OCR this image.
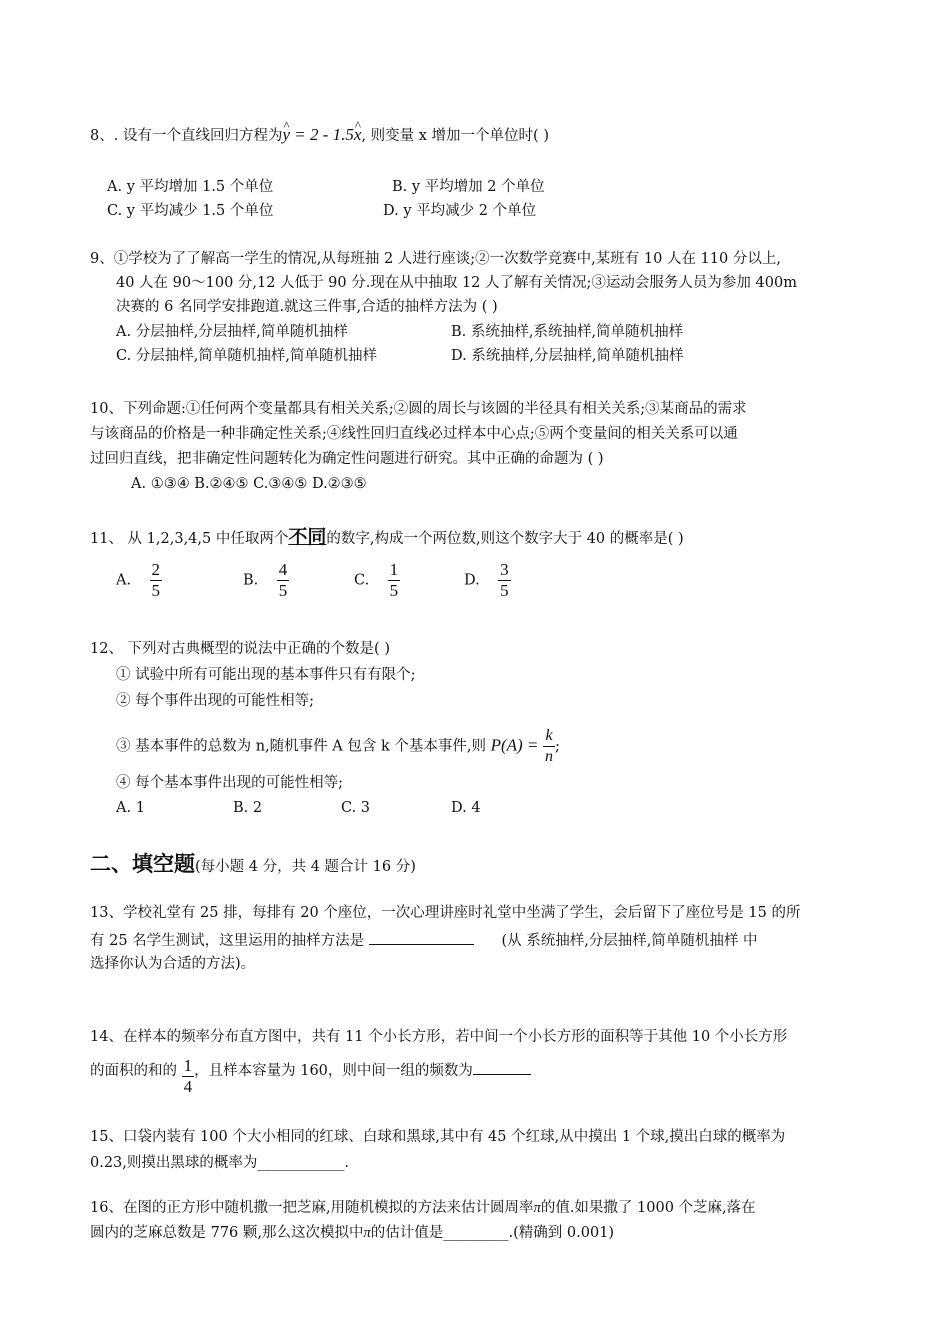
8、. 设有一个直线回归方程为^ y = 2 - 1.5^ x, 则变量 x 增加一个单位时( )
A. y 平均增加 1.5 个单位	B. y 平均增加 2 个单位
C. y 平均减少 1.5 个单位	D. y 平均减少 2 个单位
9、①学校为了了解高一学生的情况,从每班抽 2 人进行座谈;②一次数学竞赛中,某班有 10 人在 110 分以上,
40 人在 90～100 分,12 人低于 90 分.现在从中抽取 12 人了解有关情况;③运动会服务人员为参加 400m
决赛的 6 名同学安排跑道.就这三件事,合适的抽样方法为 ( )
A. 分层抽样,分层抽样,简单随机抽样	B. 系统抽样,系统抽样,简单随机抽样
C. 分层抽样,简单随机抽样,简单随机抽样	D. 系统抽样,分层抽样,简单随机抽样
10、下列命题:①任何两个变量都具有相关关系;②圆的周长与该圆的半径具有相关关系;③某商品的需求
与该商品的价格是一种非确定性关系;④线性回归直线必过样本中心点;⑤两个变量间的相关关系可以通
过回归直线，把非确定性问题转化为确定性问题进行研究。其中正确的命题为 ( )
A. ①③④ B.②④⑤ C.③④⑤ D.②③⑤
11、 从 1,2,3,4,5 中任取两个不同的数字,构成一个两位数,则这个数字大于 40 的概率是( )
A. $\frac{2}{5}$	B. $\frac{4}{5}$	C. $\frac{1}{5}$	D. $\frac{3}{5}$
12、 下列对古典概型的说法中正确的个数是( )
① 试验中所有可能出现的基本事件只有有限个;
② 每个事件出现的可能性相等;
③ 基本事件的总数为 n,随机事件 A 包含 k 个基本事件,则 $P(A) = \frac{k}{n}$ ;
④ 每个基本事件出现的可能性相等;
A. 1	B. 2	C. 3	D. 4
二、填空题(每小题 4 分，共 4 题合计 16 分)
13、学校礼堂有 25 排，每排有 20 个座位，一次心理讲座时礼堂中坐满了学生，会后留下了座位号是 15 的所
有 25 名学生测试，这里运用的抽样方法是	(从 系统抽样,分层抽样,简单随机抽样 中
选择你认为合适的方法)。
14、在样本的频率分布直方图中，共有 11 个小长方形，若中间一个小长方形的面积等于其他 10 个小长方形
的面积的和的 $\frac{1}{4}$ ，且样本容量为 160，则中间一组的频数为
15、口袋内装有 100 个大小相同的红球、白球和黑球,其中有 45 个红球,从中摸出 1 个球,摸出白球的概率为
0.23,则摸出黑球的概率为____________.
16、在图的正方形中随机撒一把芝麻,用随机模拟的方法来估计圆周率π的值.如果撒了 1000 个芝麻,落在
圆内的芝麻总数是 776 颗,那么这次模拟中π的估计值是_________.(精确到 0.001)
